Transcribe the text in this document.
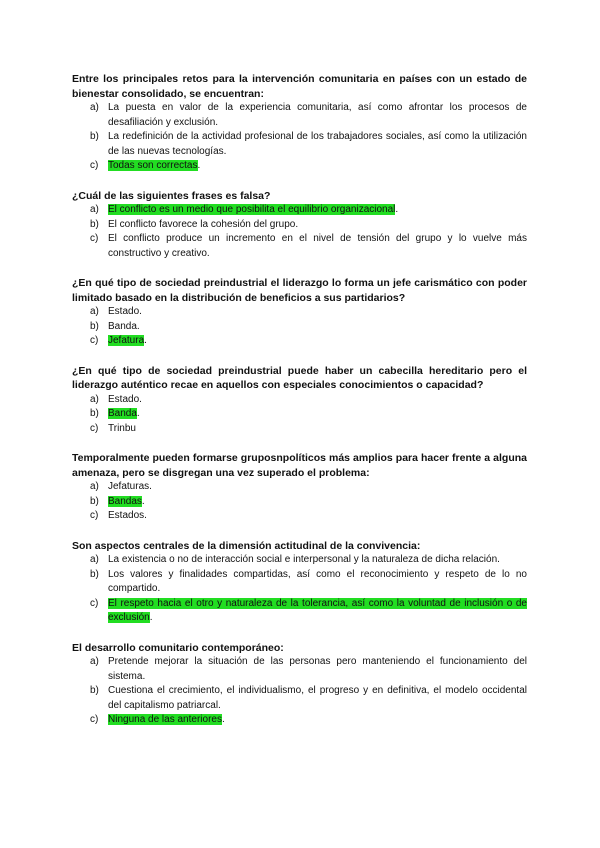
Entre los principales retos para la intervención comunitaria en países con un estado de bienestar consolidado, se encuentran:
a) La puesta en valor de la experiencia comunitaria, así como afrontar los procesos de desafiliación y exclusión.
b) La redefinición de la actividad profesional de los trabajadores sociales, así como la utilización de las nuevas tecnologías.
c) Todas son correctas.
¿Cuál de las siguientes frases es falsa?
a) El conflicto es un medio que posibilita el equilibrio organizacional.
b) El conflicto favorece la cohesión del grupo.
c) El conflicto produce un incremento en el nivel de tensión del grupo y lo vuelve más constructivo y creativo.
¿En qué tipo de sociedad preindustrial el liderazgo lo forma un jefe carismático con poder limitado basado en la distribución de beneficios a sus partidarios?
a) Estado.
b) Banda.
c) Jefatura.
¿En qué tipo de sociedad preindustrial puede haber un cabecilla hereditario pero el liderazgo auténtico recae en aquellos con especiales conocimientos o capacidad?
a) Estado.
b) Banda.
c) Trinbu
Temporalmente pueden formarse gruposnpolíticos más amplios para hacer frente a alguna amenaza, pero se disgregan una vez superado el problema:
a) Jefaturas.
b) Bandas.
c) Estados.
Son aspectos centrales de la dimensión actitudinal de la convivencia:
a) La existencia o no de interacción social e interpersonal y la naturaleza de dicha relación.
b) Los valores y finalidades compartidas, así como el reconocimiento y respeto de lo no compartido.
c) El respeto hacia el otro y naturaleza de la tolerancia, así como la voluntad de inclusión o de exclusión.
El desarrollo comunitario contemporáneo:
a) Pretende mejorar la situación de las personas pero manteniendo el funcionamiento del sistema.
b) Cuestiona el crecimiento, el individualismo, el progreso y en definitiva, el modelo occidental del capitalismo patriarcal.
c) Ninguna de las anteriores.
